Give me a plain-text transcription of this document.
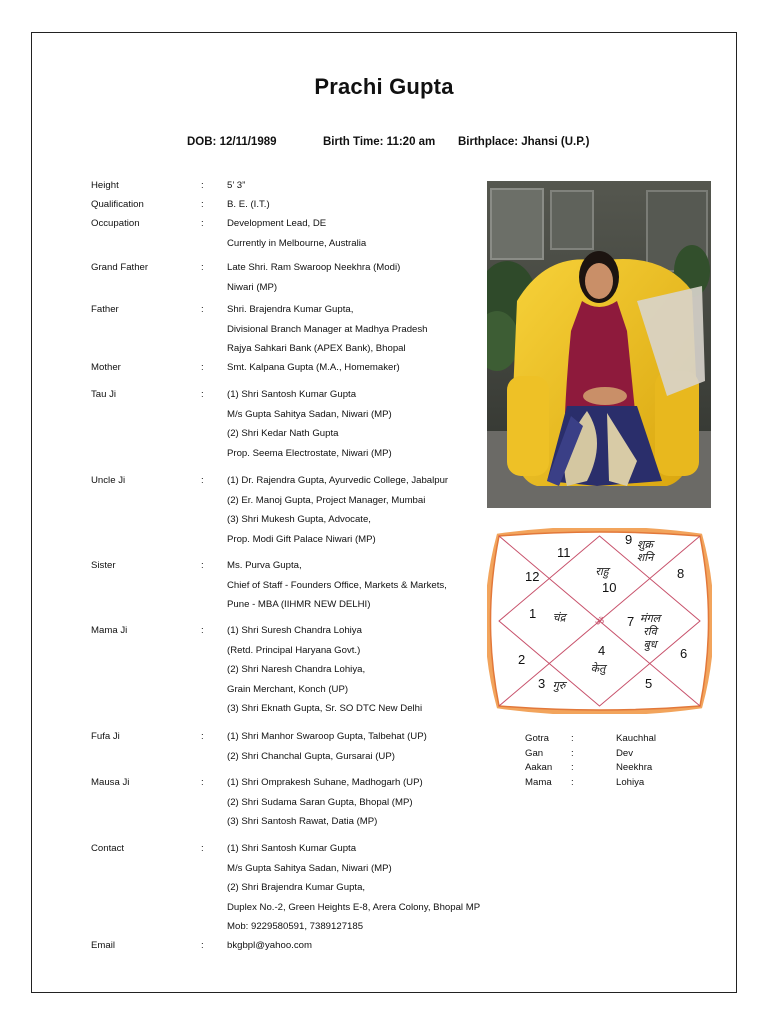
Prachi Gupta
DOB: 12/11/1989	Birth Time: 11:20 am Birthplace: Jhansi (U.P.)
Height	: 5’ 3”
Qualification	: B. E. (I.T.)
Occupation	: Development Lead, DE
Currently in Melbourne, Australia
Grand Father	: Late Shri. Ram Swaroop Neekhra (Modi)
Niwari (MP)
Father	: Shri. Brajendra Kumar Gupta,
Divisional Branch Manager at Madhya Pradesh
Rajya Sahkari Bank (APEX Bank), Bhopal
Mother	: Smt. Kalpana Gupta (M.A., Homemaker)
Tau Ji	: (1) Shri Santosh Kumar Gupta
M/s Gupta Sahitya Sadan, Niwari (MP)
(2) Shri Kedar Nath Gupta
Prop. Seema Electrostate, Niwari (MP)
Uncle Ji	: (1) Dr. Rajendra Gupta, Ayurvedic College, Jabalpur
(2) Er. Manoj Gupta, Project Manager, Mumbai
(3) Shri Mukesh Gupta, Advocate,
Prop. Modi Gift Palace Niwari (MP)
Sister	: Ms. Purva Gupta,
Chief of Staff - Founders Office, Markets & Markets,
Pune - MBA (IIHMR NEW DELHI)
Mama Ji	: (1) Shri Suresh Chandra Lohiya
(Retd. Principal Haryana Govt.)
(2) Shri Naresh Chandra Lohiya,
Grain Merchant, Konch (UP)
(3) Shri Eknath Gupta, Sr. SO DTC New Delhi
Fufa Ji	: (1) Shri Manhor Swaroop Gupta, Talbehat (UP)
(2) Shri Chanchal Gupta, Gursarai (UP)
Mausa Ji	: (1) Shri Omprakesh Suhane, Madhogarh (UP)
(2) Shri Sudama Saran Gupta, Bhopal (MP)
(3) Shri Santosh Rawat, Datia (MP)
Contact	: (1) Shri Santosh Kumar Gupta
M/s Gupta Sahitya Sadan, Niwari (MP)
(2) Shri Brajendra Kumar Gupta,
Duplex No.-2, Green Heights E-8, Arera Colony, Bhopal MP
Mob: 9229580591, 7389127185
Email	: bkgbpl@yahoo.com
10
राहु
9 शुक्र
शनि
8
7 मंगल
रवि
बुध
6
5
4
केतु
3 गुरु
2
1 चंद्र
12
11
ॐ
Gotra :	Kauchhal
Gan	:	Dev
Aakan :	Neekhra
Mama :	Lohiya
